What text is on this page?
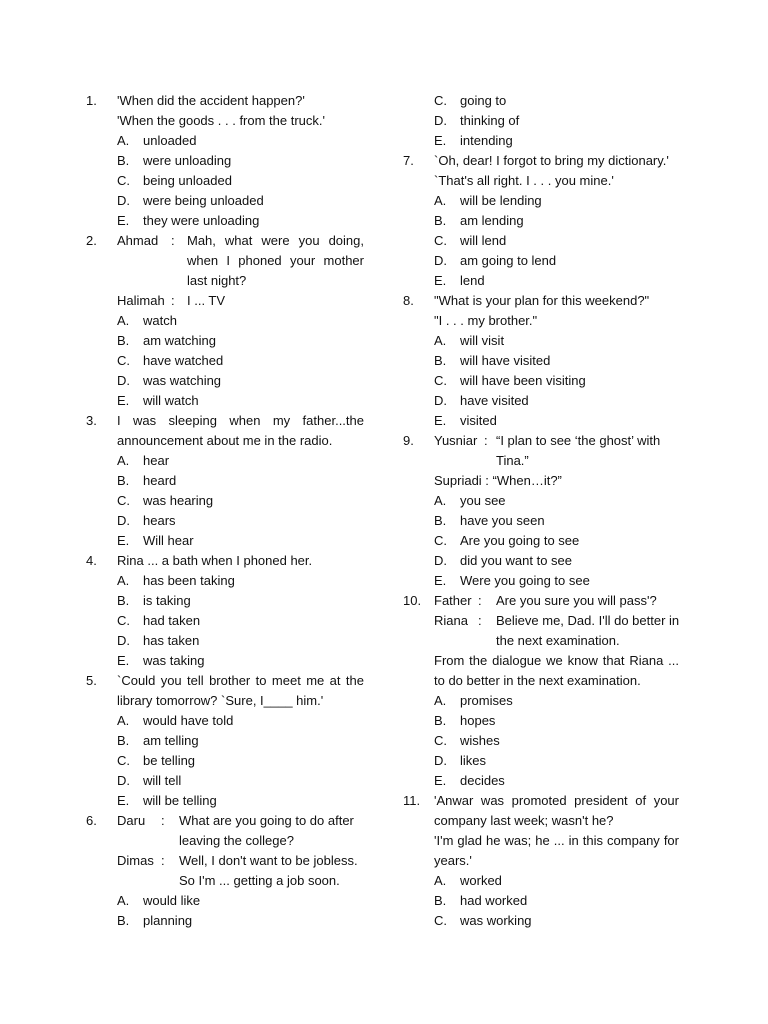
1.	'When did the accident happen?'
'When the goods . . . from the truck.'
A.	unloaded
B.	were unloading
C.	being unloaded
D.	were being unloaded
E.	they were unloading
2.	Ahmad : Mah, what were you doing,
when I phoned your mother
last night?
Halimah : I ... TV
A.	watch
B.	am watching
C.	have watched
D.	was watching
E.	will watch
3.	I was sleeping when my father...the
announcement about me in the radio.
A.	hear
B.	heard
C.	was hearing
D.	hears
E.	Will hear
4.	Rina ... a bath when I phoned her.
A.	has been taking
B.	is taking
C.	had taken
D.	has taken
E.	was taking
5.	`Could you tell brother to meet me at the
library tomorrow? `Sure, I____ him.'
A.	would have told
B.	am telling
C.	be telling
D.	will tell
E.	will be telling
6.	Daru : What are you going to do after
leaving the college?
Dimas : Well, I don't want to be jobless.
So I'm ... getting a job soon.
A.	would like
B.	planning
C.	going to
D.	thinking of
E.	intending
7.	`Oh, dear! I forgot to bring my dictionary.'
`That's all right. I . . . you mine.'
A.	will be lending
B.	am lending
C.	will lend
D.	am going to lend
E.	lend
8.	"What is your plan for this weekend?"
"I . . . my brother."
A.	will visit
B.	will have visited
C.	will have been visiting
D.	have visited
E.	visited
9.	Yusniar : “I plan to see ‘the ghost’ with
Tina.”
Supriadi : “When…it?”
A.	you see
B.	have you seen
C.	Are you going to see
D.	did you want to see
E.	Were you going to see
10. Father : Are you sure you will pass'?
Riana : Believe me, Dad. I'll do better in
the next examination.
From the dialogue we know that Riana ...
to do better in the next examination.
A.	promises
B.	hopes
C.	wishes
D.	likes
E.	decides
11.	'Anwar was promoted president of your
company last week; wasn't he?
'I'm glad he was; he ... in this company for
years.'
A.	worked
B.	had worked
C.	was working
